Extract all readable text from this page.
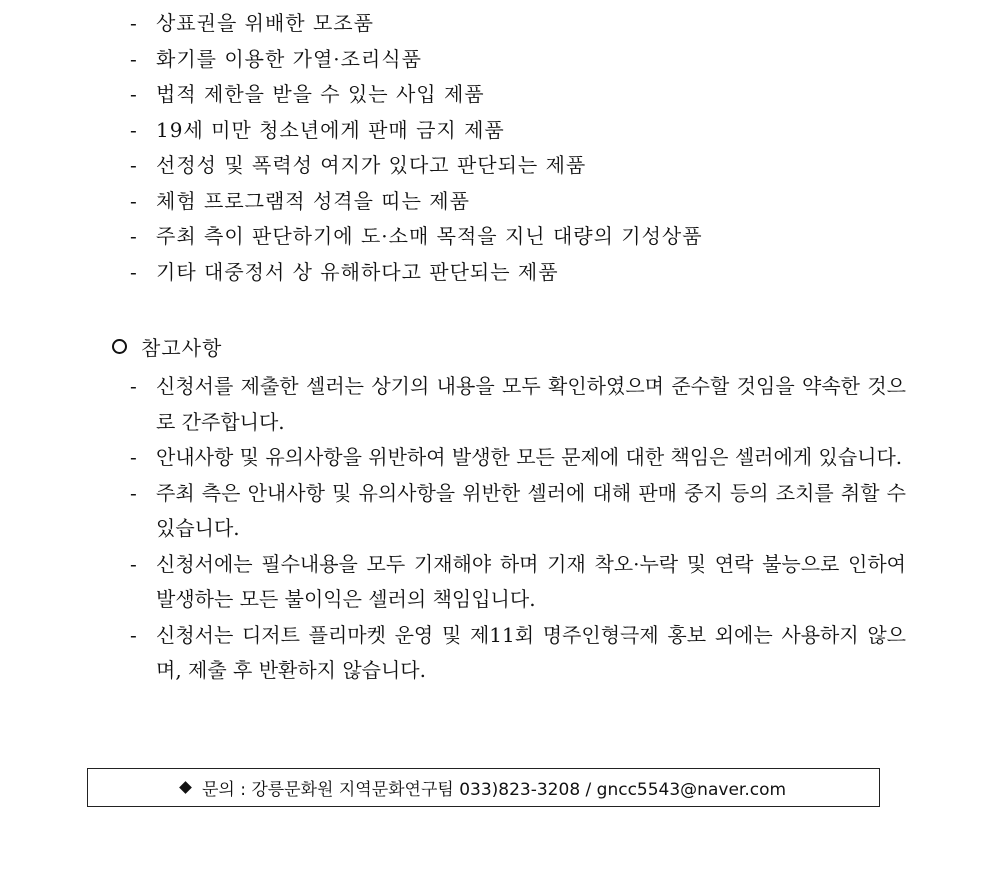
- 상표권을 위배한 모조품
- 화기를 이용한 가열·조리식품
- 법적 제한을 받을 수 있는 사입 제품
- 19세 미만 청소년에게 판매 금지 제품
- 선정성 및 폭력성 여지가 있다고 판단되는 제품
- 체험 프로그램적 성격을 띠는 제품
- 주최 측이 판단하기에 도·소매 목적을 지닌 대량의 기성상품
- 기타 대중정서 상 유해하다고 판단되는 제품
참고사항
- 신청서를 제출한 셀러는 상기의 내용을 모두 확인하였으며 준수할 것임을 약속한 것으로 간주합니다.
- 안내사항 및 유의사항을 위반하여 발생한 모든 문제에 대한 책임은 셀러에게 있습니다.
- 주최 측은 안내사항 및 유의사항을 위반한 셀러에 대해 판매 중지 등의 조치를 취할 수 있습니다.
- 신청서에는 필수내용을 모두 기재해야 하며 기재 착오·누락 및 연락 불능으로 인하여 발생하는 모든 불이익은 셀러의 책임입니다.
- 신청서는 디저트 플리마켓 운영 및 제11회 명주인형극제 홍보 외에는 사용하지 않으며, 제출 후 반환하지 않습니다.
문의 : 강릉문화원 지역문화연구팀 033)823-3208 / gncc5543@naver.com
